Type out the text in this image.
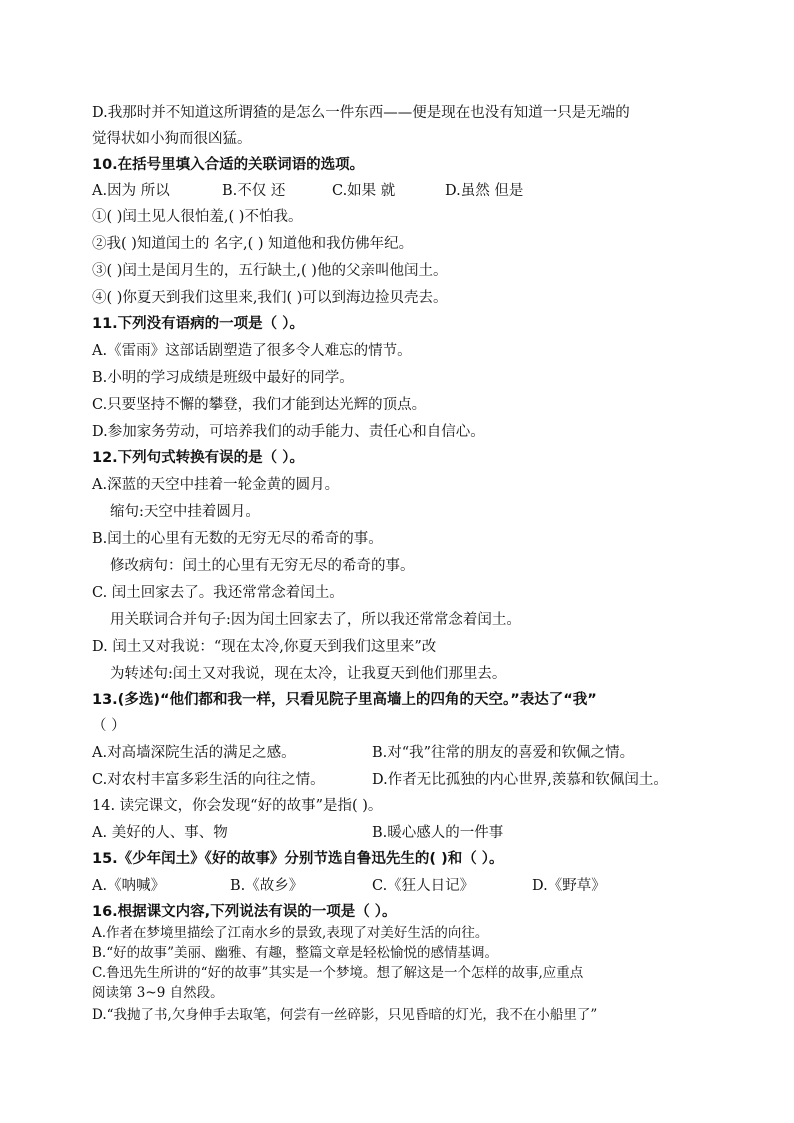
D.我那时并不知道这所谓猹的是怎么一件东西——便是现在也没有知道一只是无端的
觉得状如小狗而很凶猛。
10.在括号里填入合适的关联词语的选项。
A.因为 所以	B.不仅 还	C.如果 就	D.虽然 但是
①( )闰土见人很怕羞,( )不怕我。
②我( )知道闰土的 名字,( ) 知道他和我仿佛年纪。
③( )闰土是闰月生的，五行缺土,( )他的父亲叫他闰土。
④( )你夏天到我们这里来,我们( )可以到海边捡贝壳去。
11.下列没有语病的一项是（ ）。
A.《雷雨》这部话剧塑造了很多令人难忘的情节。
B.小明的学习成绩是班级中最好的同学。
C.只要坚持不懈的攀登，我们才能到达光辉的顶点。
D.参加家务劳动，可培养我们的动手能力、责任心和自信心。
12.下列句式转换有误的是（ ）。
A.深蓝的天空中挂着一轮金黄的圆月。
缩句:天空中挂着圆月。
B.闰土的心里有无数的无穷无尽的希奇的事。
修改病句：闰土的心里有无穷无尽的希奇的事。
C. 闰土回家去了。我还常常念着闰土。
用关联词合并句子:因为闰土回家去了，所以我还常常念着闰土。
D. 闰土又对我说：“现在太冷,你夏天到我们这里来”改
为转述句:闰土又对我说，现在太冷，让我夏天到他们那里去。
13.(多选)“他们都和我一样，只看见院子里高墙上的四角的天空。”表达了“我”
（ ）
A.对高墙深院生活的满足之感。	B.对“我”往常的朋友的喜爱和钦佩之情。
C.对农村丰富多彩生活的向往之情。	D.作者无比孤独的内心世界,羡慕和钦佩闰土。
14. 读完课文，你会发现“好的故事”是指( )。
A. 美好的人、事、物	B.暖心感人的一件事
15.《少年闰土》《好的故事》分别节选自鲁迅先生的( )和（ ）。
A.《呐喊》	B.《故乡》	C.《狂人日记》	D.《野草》
16.根据课文内容,下列说法有误的一项是（ ）。
A.作者在梦境里描绘了江南水乡的景致,表现了对美好生活的向往。
B.“好的故事”美丽、幽雅、有趣，整篇文章是轻松愉悦的感情基调。
C.鲁迅先生所讲的“好的故事”其实是一个梦境。想了解这是一个怎样的故事,应重点
阅读第 3~9 自然段。
D.“我抛了书,欠身伸手去取笔，何尝有一丝碎影，只见昏暗的灯光，我不在小船里了”
